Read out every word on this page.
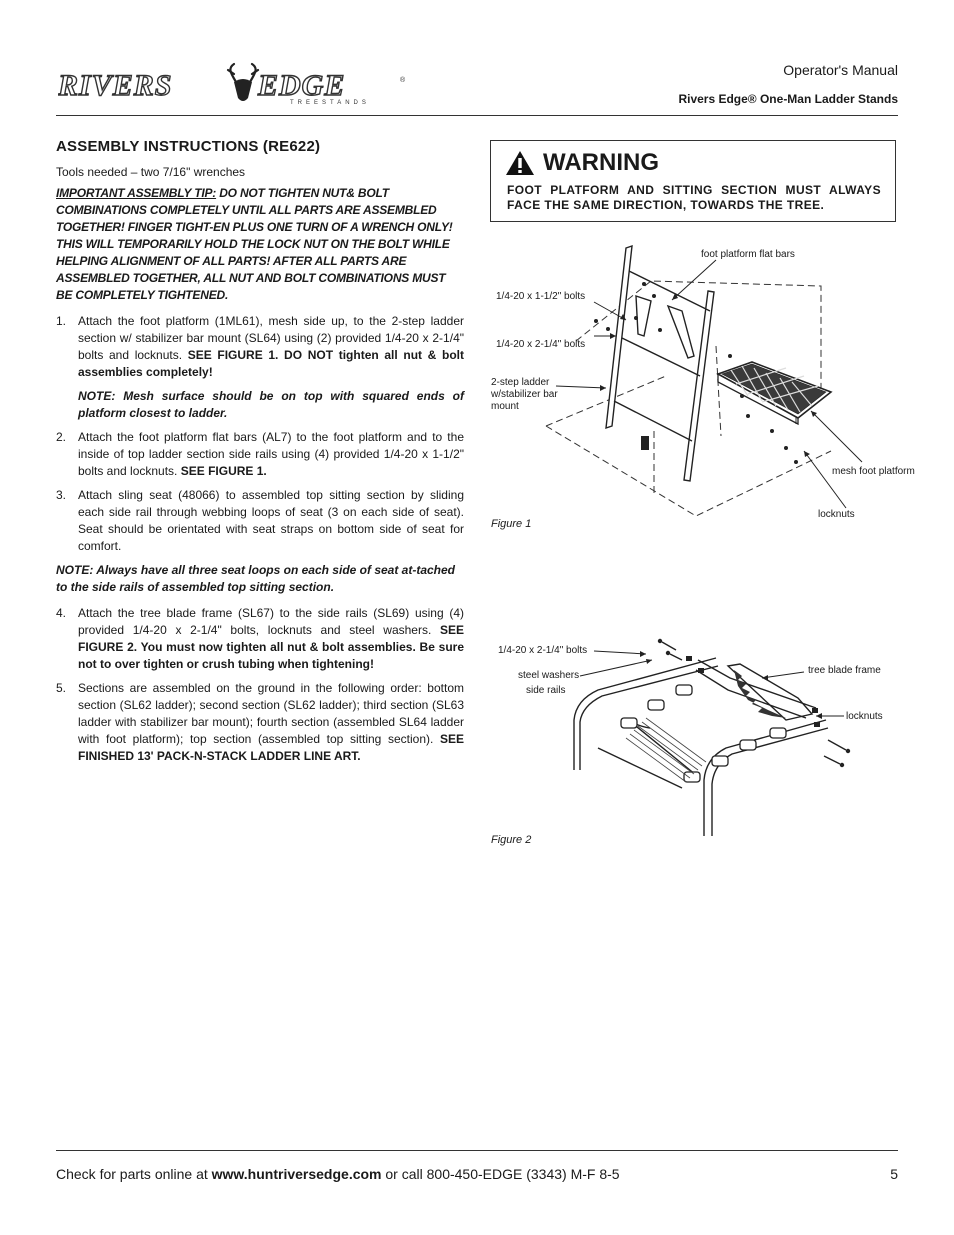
RIVERS	EDGE
TREESTANDS
®
Operator's Manual
Rivers Edge® One-Man Ladder Stands
ASSEMBLY INSTRUCTIONS (RE622)
Tools needed – two 7/16" wrenches
IMPORTANT ASSEMBLY TIP: DO NOT TIGHTEN NUT& BOLT COMBINATIONS COMPLETELY UNTIL ALL PARTS ARE ASSEMBLED TOGETHER! FINGER TIGHT-EN PLUS ONE TURN OF A WRENCH ONLY! THIS WILL TEMPORARILY HOLD THE LOCK NUT ON THE BOLT WHILE HELPING ALIGNMENT OF ALL PARTS! AFTER ALL PARTS ARE ASSEMBLED TOGETHER, ALL NUT AND BOLT COMBINATIONS MUST BE COMPLETELY TIGHTENED.
1. Attach the foot platform (1ML61), mesh side up, to the 2-step ladder section w/ stabilizer bar mount (SL64) using (2) provided 1/4-20 x 2-1/4" bolts and locknuts. SEE FIGURE 1. DO NOT tighten all nut & bolt assemblies completely!
NOTE: Mesh surface should be on top with squared ends of platform closest to ladder.
2. Attach the foot platform flat bars (AL7) to the foot platform and to the inside of top ladder section side rails using (4) provided 1/4-20 x 1-1/2" bolts and locknuts. SEE FIGURE 1.
3. Attach sling seat (48066) to assembled top sitting section by sliding each side rail through webbing loops of seat (3 on each side of seat). Seat should be orientated with seat straps on bottom side of seat for comfort.
NOTE: Always have all three seat loops on each side of seat at-tached to the side rails of assembled top sitting section.
4. Attach the tree blade frame (SL67) to the side rails (SL69) using (4) provided 1/4-20 x 2-1/4" bolts, locknuts and steel washers. SEE FIGURE 2. You must now tighten all nut & bolt assemblies. Be sure not to over tighten or crush tubing when tightening!
5. Sections are assembled on the ground in the following order: bottom section (SL62 ladder); second section (SL62 ladder); third section (SL63 ladder with stabilizer bar mount); fourth section (assembled SL64 ladder with foot platform); top section (assembled top sitting section). SEE FINISHED 13' PACK-N-STACK LADDER LINE ART.
WARNING
FOOT PLATFORM AND SITTING SECTION MUST ALWAYS FACE THE SAME DIRECTION, TOWARDS THE TREE.
foot platform flat bars
1/4-20 x 1-1/2" bolts
1/4-20 x 2-1/4" bolts
2-step ladder w/stabilizer bar mount
mesh foot platform
locknuts
Figure 1
1/4-20 x 2-1/4" bolts
steel washers
side rails
tree blade frame
locknuts
Figure 2
Check for parts online at www.huntriversedge.com or call 800-450-EDGE (3343) M-F 8-5	5
